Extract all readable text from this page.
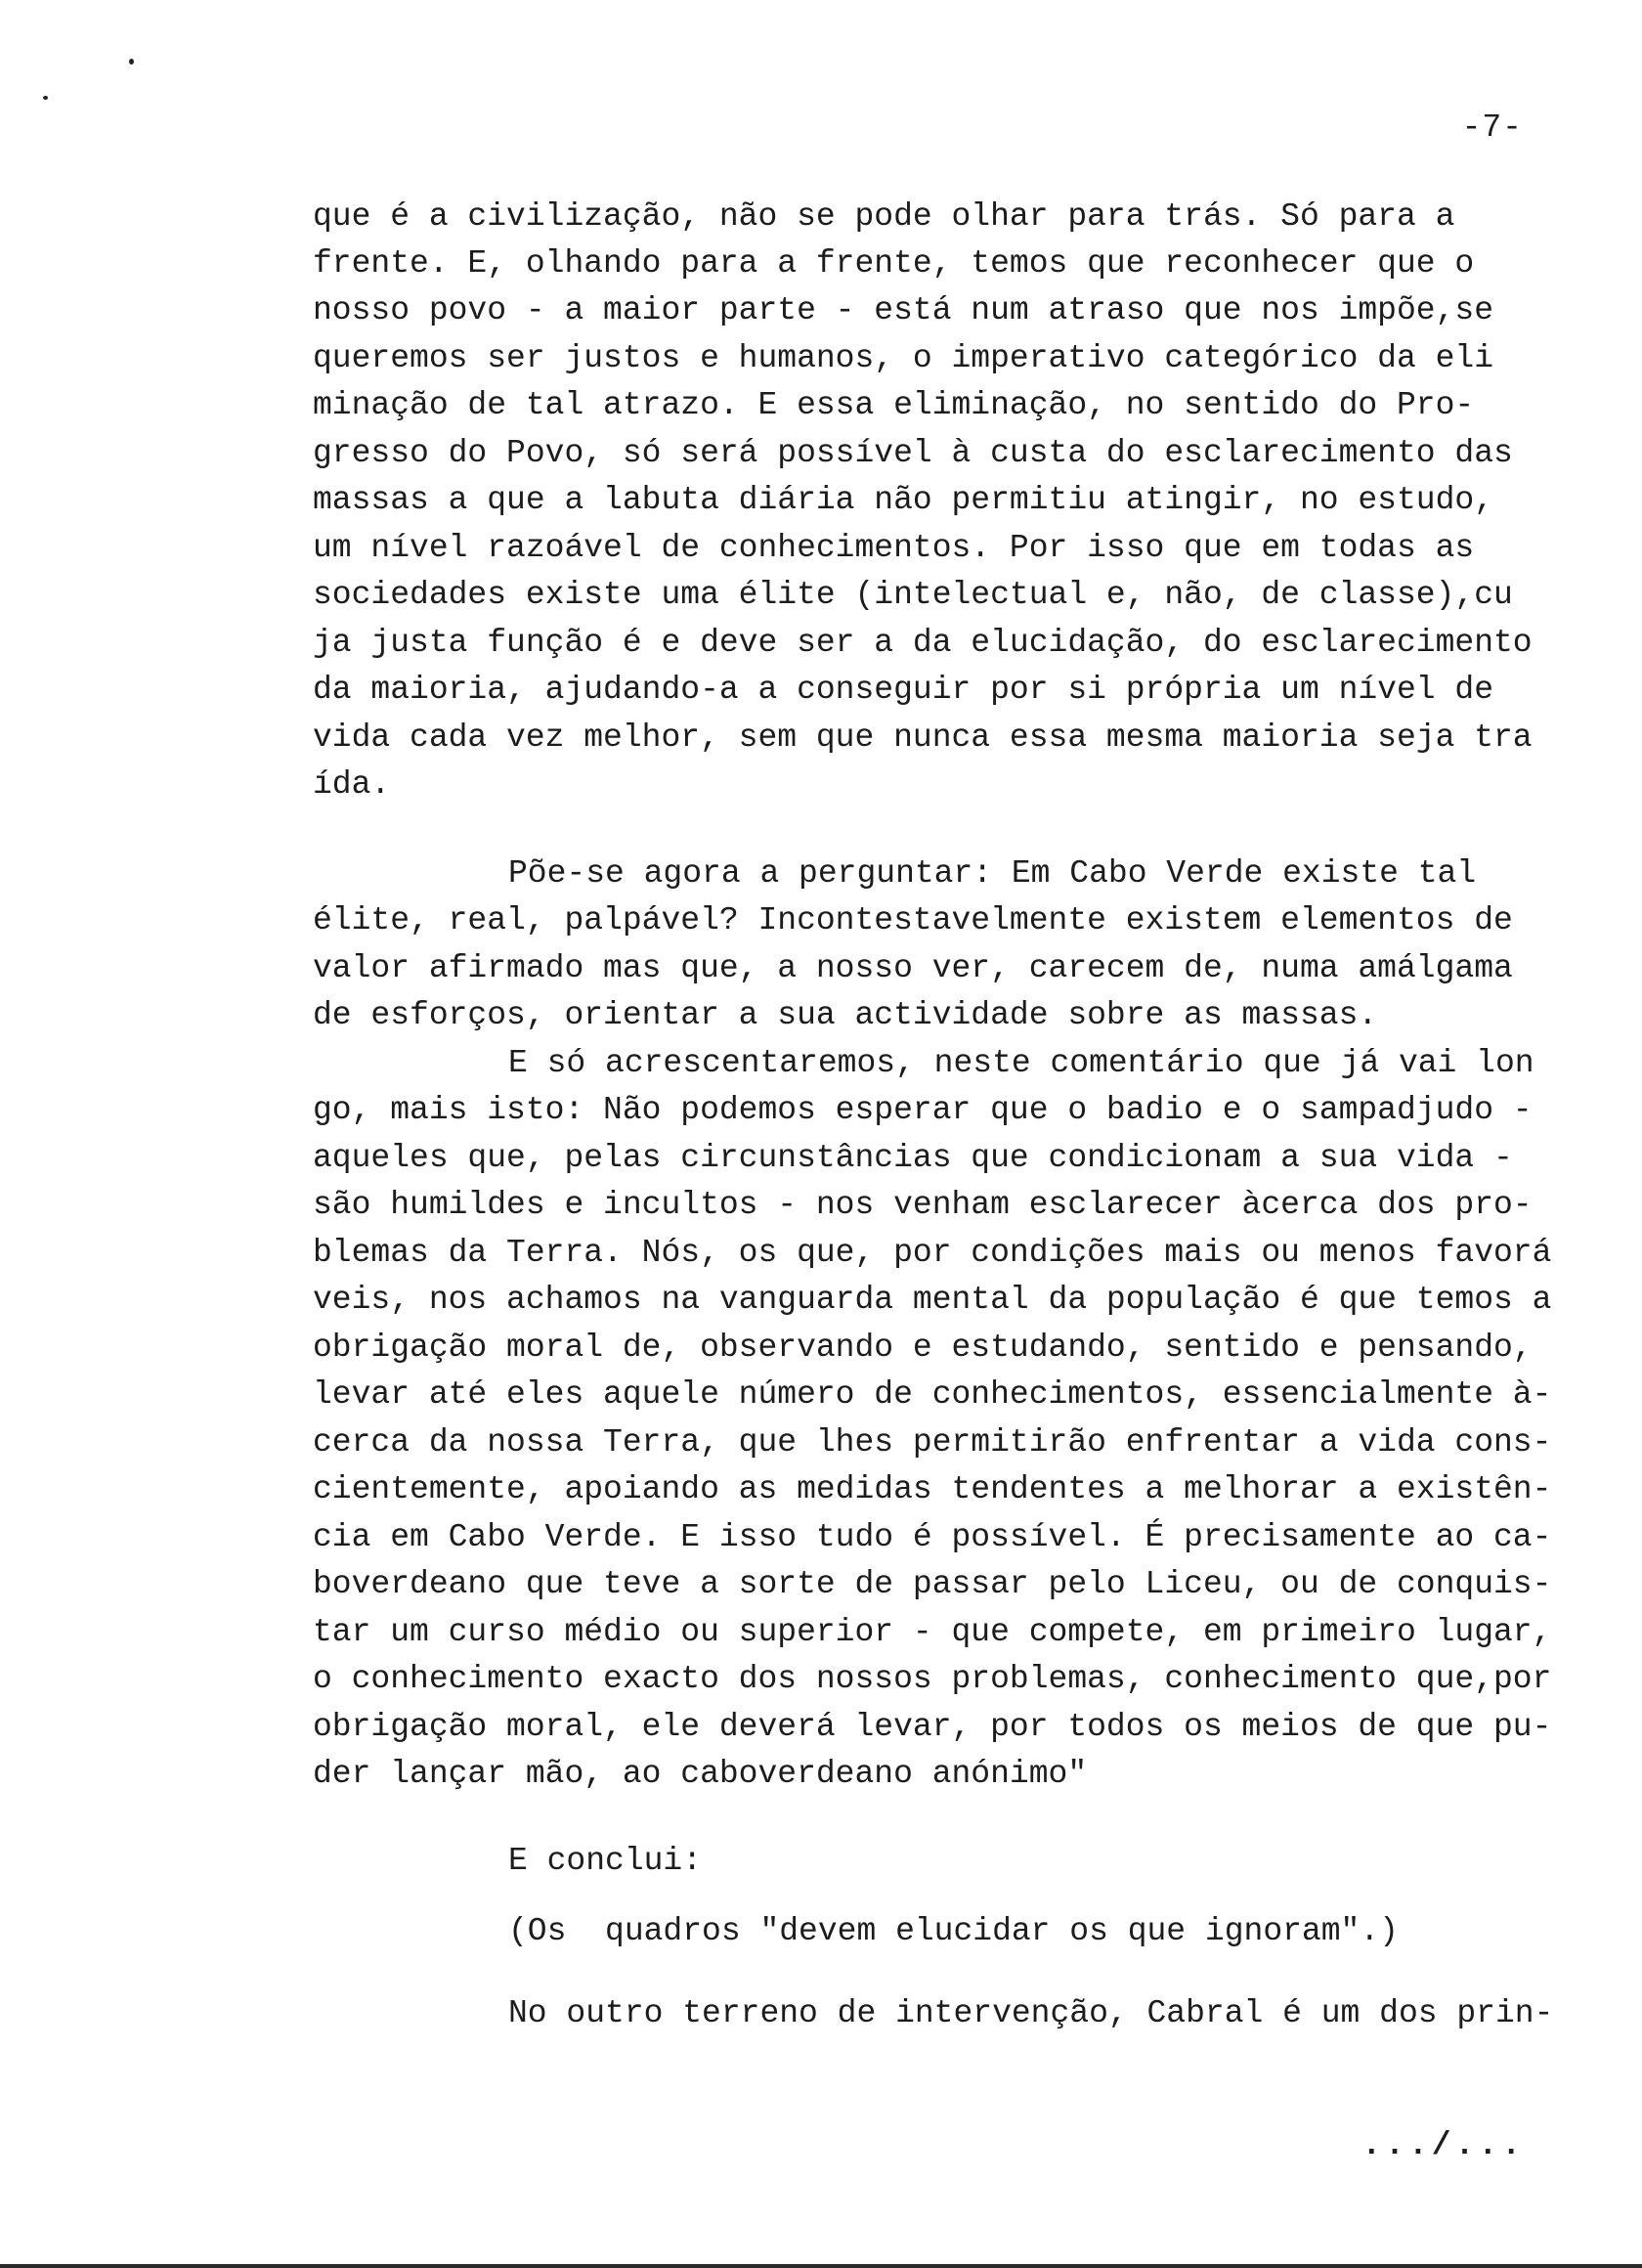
-7-
que é a civilização, não se pode olhar para trás. Só para a
frente. E, olhando para a frente, temos que reconhecer que o
nosso povo - a maior parte - está num atraso que nos impõe,se
queremos ser justos e humanos, o imperativo categórico da eli
minação de tal atrazo. E essa eliminação, no sentido do Pro-
gresso do Povo, só será possível à custa do esclarecimento das
massas a que a labuta diária não permitiu atingir, no estudo,
um nível razoável de conhecimentos. Por isso que em todas as
sociedades existe uma élite (intelectual e, não, de classe),cu
ja justa função é e deve ser a da elucidação, do esclarecimento
da maioria, ajudando-a a conseguir por si própria um nível de
vida cada vez melhor, sem que nunca essa mesma maioria seja tra
ída.
Põe-se agora a perguntar: Em Cabo Verde existe tal
élite, real, palpável? Incontestavelmente existem elementos de
valor afirmado mas que, a nosso ver, carecem de, numa amálgama
de esforços, orientar a sua actividade sobre as massas.
E só acrescentaremos, neste comentário que já vai lon
go, mais isto: Não podemos esperar que o badio e o sampadjudo -
aqueles que, pelas circunstâncias que condicionam a sua vida -
são humildes e incultos - nos venham esclarecer àcerca dos pro-
blemas da Terra. Nós, os que, por condições mais ou menos favorá
veis, nos achamos na vanguarda mental da população é que temos a
obrigação moral de, observando e estudando, sentido e pensando,
levar até eles aquele número de conhecimentos, essencialmente à-
cerca da nossa Terra, que lhes permitirão enfrentar a vida cons-
cientemente, apoiando as medidas tendentes a melhorar a existên-
cia em Cabo Verde. E isso tudo é possível. É precisamente ao ca-
boverdeano que teve a sorte de passar pelo Liceu, ou de conquis-
tar um curso médio ou superior - que compete, em primeiro lugar,
o conhecimento exacto dos nossos problemas, conhecimento que,por
obrigação moral, ele deverá levar, por todos os meios de que pu-
der lançar mão, ao caboverdeano anónimo"
E conclui:
(Os  quadros "devem elucidar os que ignoram".)
No outro terreno de intervenção, Cabral é um dos prin-
.../...
